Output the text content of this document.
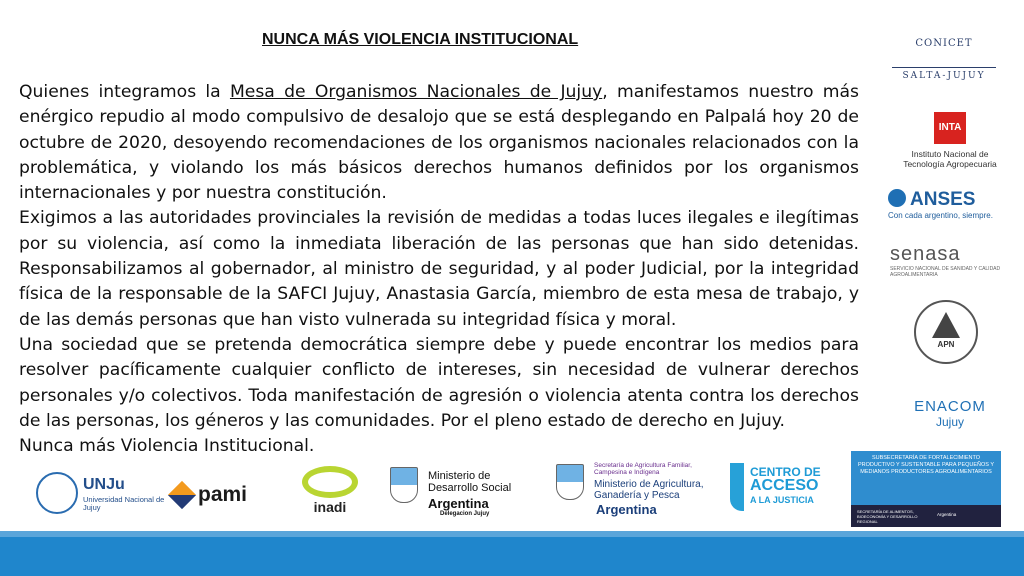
NUNCA MÁS VIOLENCIA INSTITUCIONAL

Quienes integramos la Mesa de Organismos Nacionales de Jujuy, manifestamos nuestro más enérgico repudio al modo compulsivo de desalojo que se está desplegando en Palpalá hoy 20 de octubre de 2020, desoyendo recomendaciones de los organismos nacionales relacionados con la problemática, y violando los más básicos derechos humanos definidos por los organismos internacionales y por nuestra constitución.

Exigimos a las autoridades provinciales la revisión de medidas a todas luces ilegales e ilegítimas por su violencia, así como la inmediata liberación de las personas que han sido detenidas. Responsabilizamos al gobernador, al ministro de seguridad, y al poder Judicial, por la integridad física de la responsable de la SAFCI Jujuy, Anastasia García, miembro de esta mesa de trabajo, y de las demás personas que han visto vulnerada su integridad física y moral.

Una sociedad que se pretenda democrática siempre debe y puede encontrar los medios para resolver pacíficamente cualquier conflicto de intereses, sin necesidad de vulnerar derechos personales y/o colectivos. Toda manifestación de agresión o violencia atenta contra los derechos de las personas, los géneros y las comunidades. Por el pleno estado de derecho en Jujuy.

Nunca más Violencia Institucional.

CONICET
SALTA-JUJUY
INTA
Instituto Nacional de Tecnología Agropecuaria
ANSES
Con cada argentino, siempre.
senasa
SERVICIO NACIONAL DE SANIDAD Y CALIDAD AGROALIMENTARIA
APN
ENACOM
Jujuy
UNJu
Universidad Nacional de Jujuy
pami
inadi
Ministerio de Desarrollo Social
Argentina
Delegacion Jujuy
Secretaría de Agricultura Familiar, Campesina e Indígena
Ministerio de Agricultura, Ganadería y Pesca
Argentina
CENTRO DE
ACCESO
A LA JUSTICIA
SUBSECRETARÍA DE FORTALECIMIENTO PRODUCTIVO Y SUSTENTABLE PARA PEQUEÑOS Y MEDIANOS PRODUCTORES AGROALIMENTARIOS
SECRETARÍA DE ALIMENTOS, BIOECONOMÍA Y DESARROLLO REGIONAL
Argentina
